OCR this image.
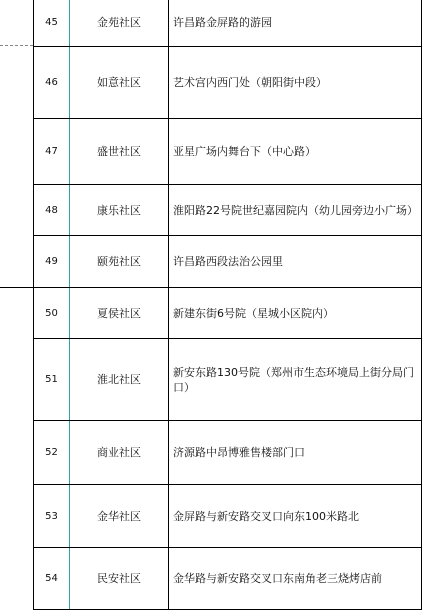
45	金苑社区	许昌路金屏路的游园
46	如意社区	艺术宫内西门处（朝阳街中段）
47	盛世社区	亚星广场内舞台下（中心路）
48	康乐社区	淮阳路22号院世纪嘉园院内（幼儿园旁边小广场）
49	颐苑社区	许昌路西段法治公园里
50	夏侯社区	新建东街6号院（星城小区院内）
51	淮北社区	新安东路130号院（郑州市生态环境局上街分局门口）
52	商业社区	济源路中昂博雅售楼部门口
53	金华社区	金屏路与新安路交叉口向东100米路北
54	民安社区	金华路与新安路交叉口东南角老三烧烤店前
